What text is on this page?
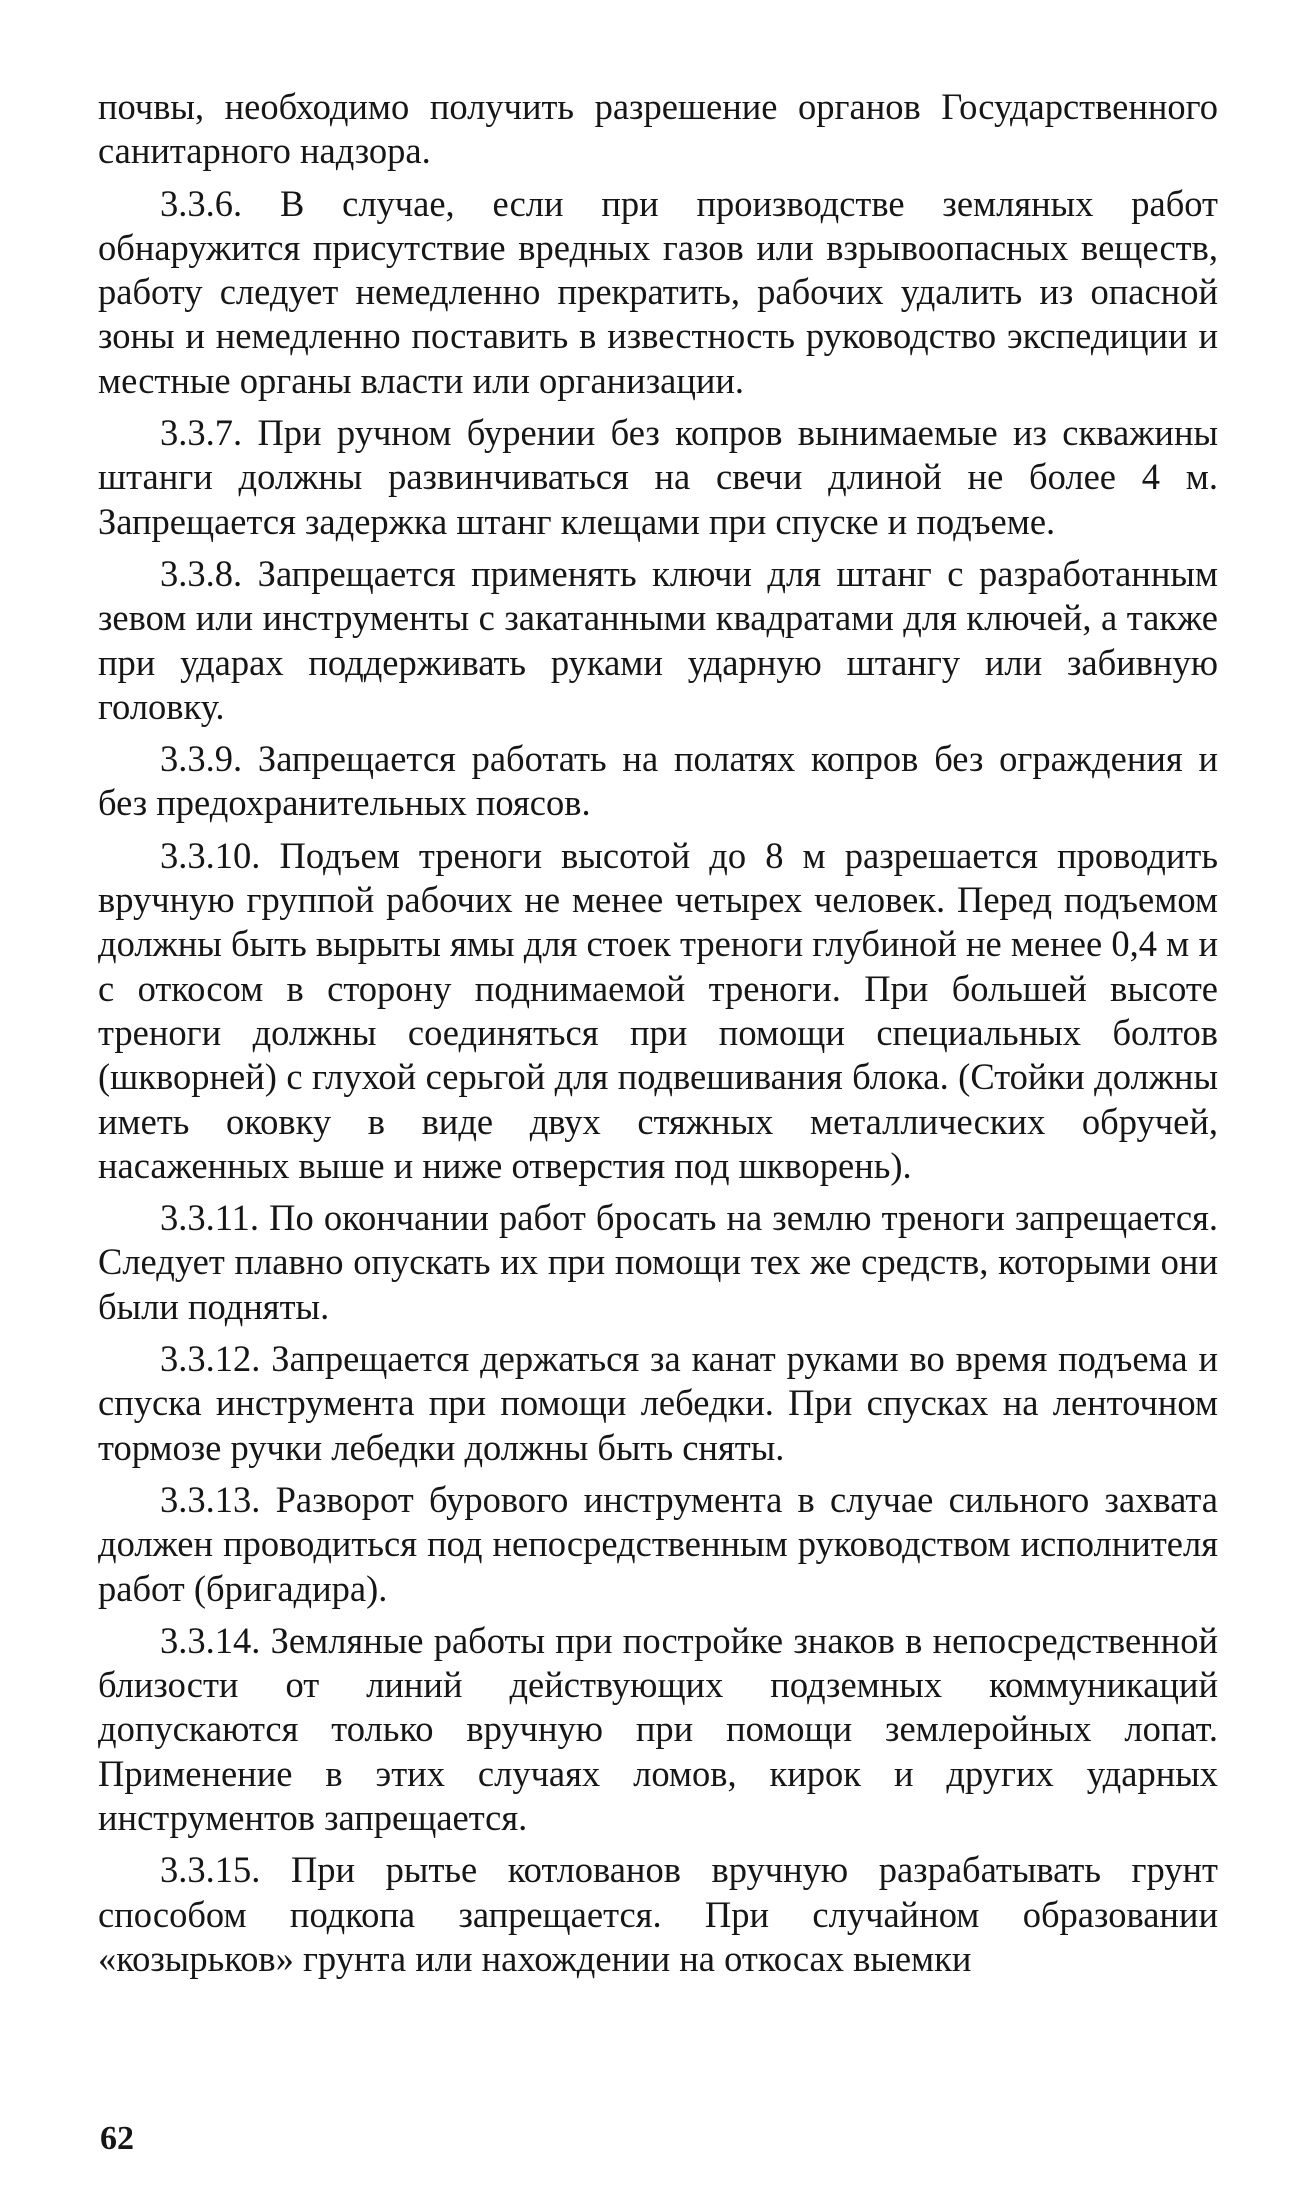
почвы, необходимо получить разрешение органов Государственного санитарного надзора.

3.3.6. В случае, если при производстве земляных работ обнаружится присутствие вредных газов или взрывоопасных веществ, работу следует немедленно прекратить, рабочих удалить из опасной зоны и немедленно поставить в известность руководство экспедиции и местные органы власти или организации.

3.3.7. При ручном бурении без копров вынимаемые из скважины штанги должны развинчиваться на свечи длиной не более 4 м. Запрещается задержка штанг клещами при спуске и подъеме.

3.3.8. Запрещается применять ключи для штанг с разработанным зевом или инструменты с закатанными квадратами для ключей, а также при ударах поддерживать руками ударную штангу или забивную головку.

3.3.9. Запрещается работать на полатях копров без ограждения и без предохранительных поясов.

3.3.10. Подъем треноги высотой до 8 м разрешается проводить вручную группой рабочих не менее четырех человек. Перед подъемом должны быть вырыты ямы для стоек треноги глубиной не менее 0,4 м и с откосом в сторону поднимаемой треноги. При большей высоте треноги должны соединяться при помощи специальных болтов (шкворней) с глухой серьгой для подвешивания блока. (Стойки должны иметь оковку в виде двух стяжных металлических обручей, насаженных выше и ниже отверстия под шкворень).

3.3.11. По окончании работ бросать на землю треноги запрещается. Следует плавно опускать их при помощи тех же средств, которыми они были подняты.

3.3.12. Запрещается держаться за канат руками во время подъема и спуска инструмента при помощи лебедки. При спусках на ленточном тормозе ручки лебедки должны быть сняты.

3.3.13. Разворот бурового инструмента в случае сильного захвата должен проводиться под непосредственным руководством исполнителя работ (бригадира).

3.3.14. Земляные работы при постройке знаков в непосредственной близости от линий действующих подземных коммуникаций допускаются только вручную при помощи землеройных лопат. Применение в этих случаях ломов, кирок и других ударных инструментов запрещается.

3.3.15. При рытье котлованов вручную разрабатывать грунт способом подкопа запрещается. При случайном образовании «козырьков» грунта или нахождении на откосах выемки

62
